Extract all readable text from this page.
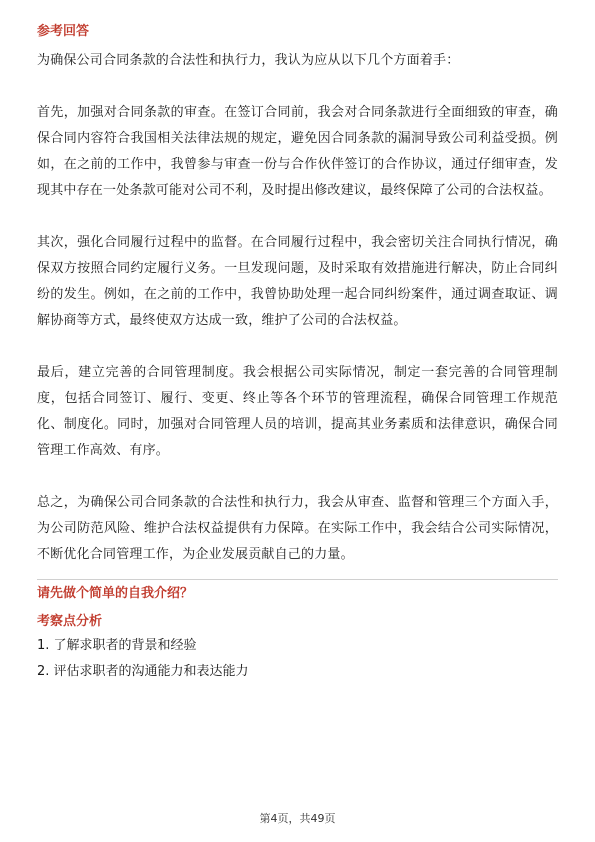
参考回答

为确保公司合同条款的合法性和执行力，我认为应从以下几个方面着手：

首先，加强对合同条款的审查。在签订合同前，我会对合同条款进行全面细致的审查，确保合同内容符合我国相关法律法规的规定，避免因合同条款的漏洞导致公司利益受损。例如，在之前的工作中，我曾参与审查一份与合作伙伴签订的合作协议，通过仔细审查，发现其中存在一处条款可能对公司不利，及时提出修改建议，最终保障了公司的合法权益。

其次，强化合同履行过程中的监督。在合同履行过程中，我会密切关注合同执行情况，确保双方按照合同约定履行义务。一旦发现问题，及时采取有效措施进行解决，防止合同纠纷的发生。例如，在之前的工作中，我曾协助处理一起合同纠纷案件，通过调查取证、调解协商等方式，最终使双方达成一致，维护了公司的合法权益。

最后，建立完善的合同管理制度。我会根据公司实际情况，制定一套完善的合同管理制度，包括合同签订、履行、变更、终止等各个环节的管理流程，确保合同管理工作规范化、制度化。同时，加强对合同管理人员的培训，提高其业务素质和法律意识，确保合同管理工作高效、有序。

总之，为确保公司合同条款的合法性和执行力，我会从审查、监督和管理三个方面入手，为公司防范风险、维护合法权益提供有力保障。在实际工作中，我会结合公司实际情况，不断优化合同管理工作，为企业发展贡献自己的力量。

请先做个简单的自我介绍？
考察点分析

1. 了解求职者的背景和经验

2. 评估求职者的沟通能力和表达能力

第4页，共49页
